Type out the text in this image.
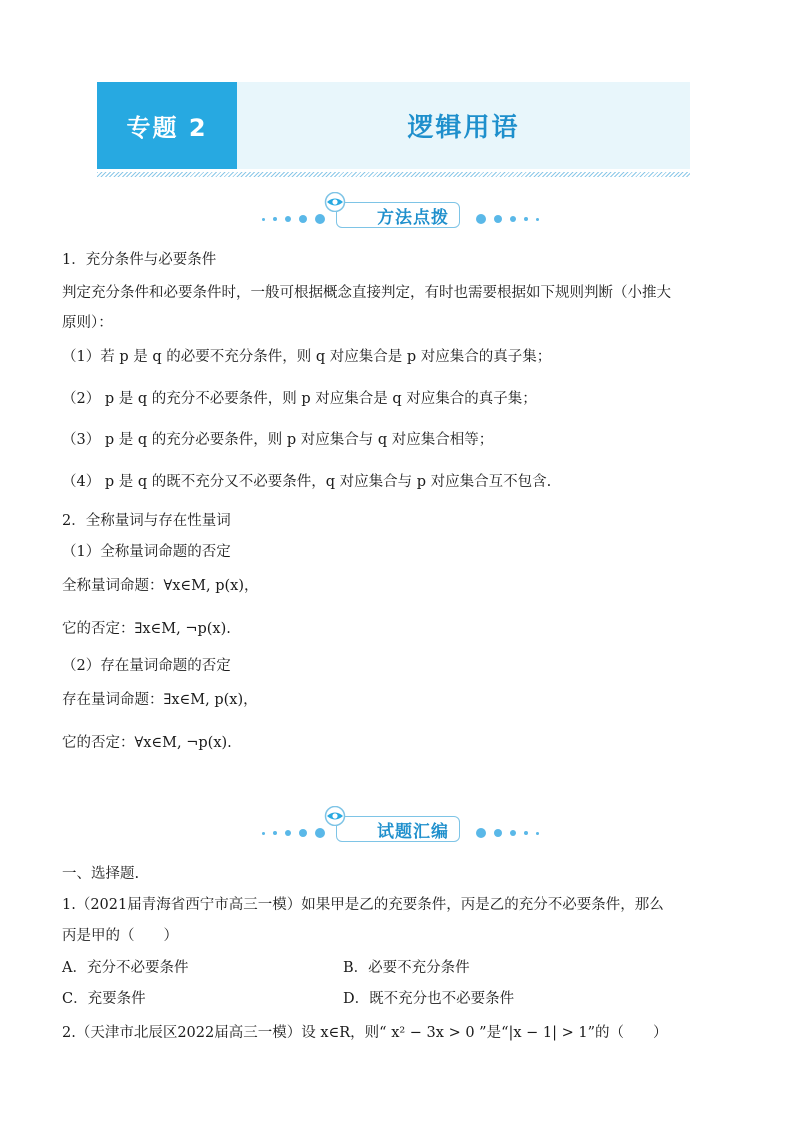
专题 2	逻辑用语
方法点拨
1．充分条件与必要条件
判定充分条件和必要条件时，一般可根据概念直接判定，有时也需要根据如下规则判断（小推大
原则）：
（1）若 p 是 q 的必要不充分条件，则 q 对应集合是 p 对应集合的真子集；
（2） p 是 q 的充分不必要条件，则 p 对应集合是 q 对应集合的真子集；
（3） p 是 q 的充分必要条件，则 p 对应集合与 q 对应集合相等；
（4） p 是 q 的既不充分又不必要条件，q 对应集合与 p 对应集合互不包含.
2．全称量词与存在性量词
（1）全称量词命题的否定
全称量词命题：∀x∈M, p(x)，
它的否定：∃x∈M, ¬p(x).
（2）存在量词命题的否定
存在量词命题：∃x∈M, p(x)，
它的否定：∀x∈M, ¬p(x).
试题汇编
一、选择题.
1.（2021届青海省西宁市高三一模）如果甲是乙的充要条件，丙是乙的充分不必要条件，那么
丙是甲的（　　）
A．充分不必要条件	B．必要不充分条件
C．充要条件	D．既不充分也不必要条件
2.（天津市北辰区2022届高三一模）设 x∈R，则“ x² − 3x > 0 ”是“|x − 1| > 1”的（　　）
